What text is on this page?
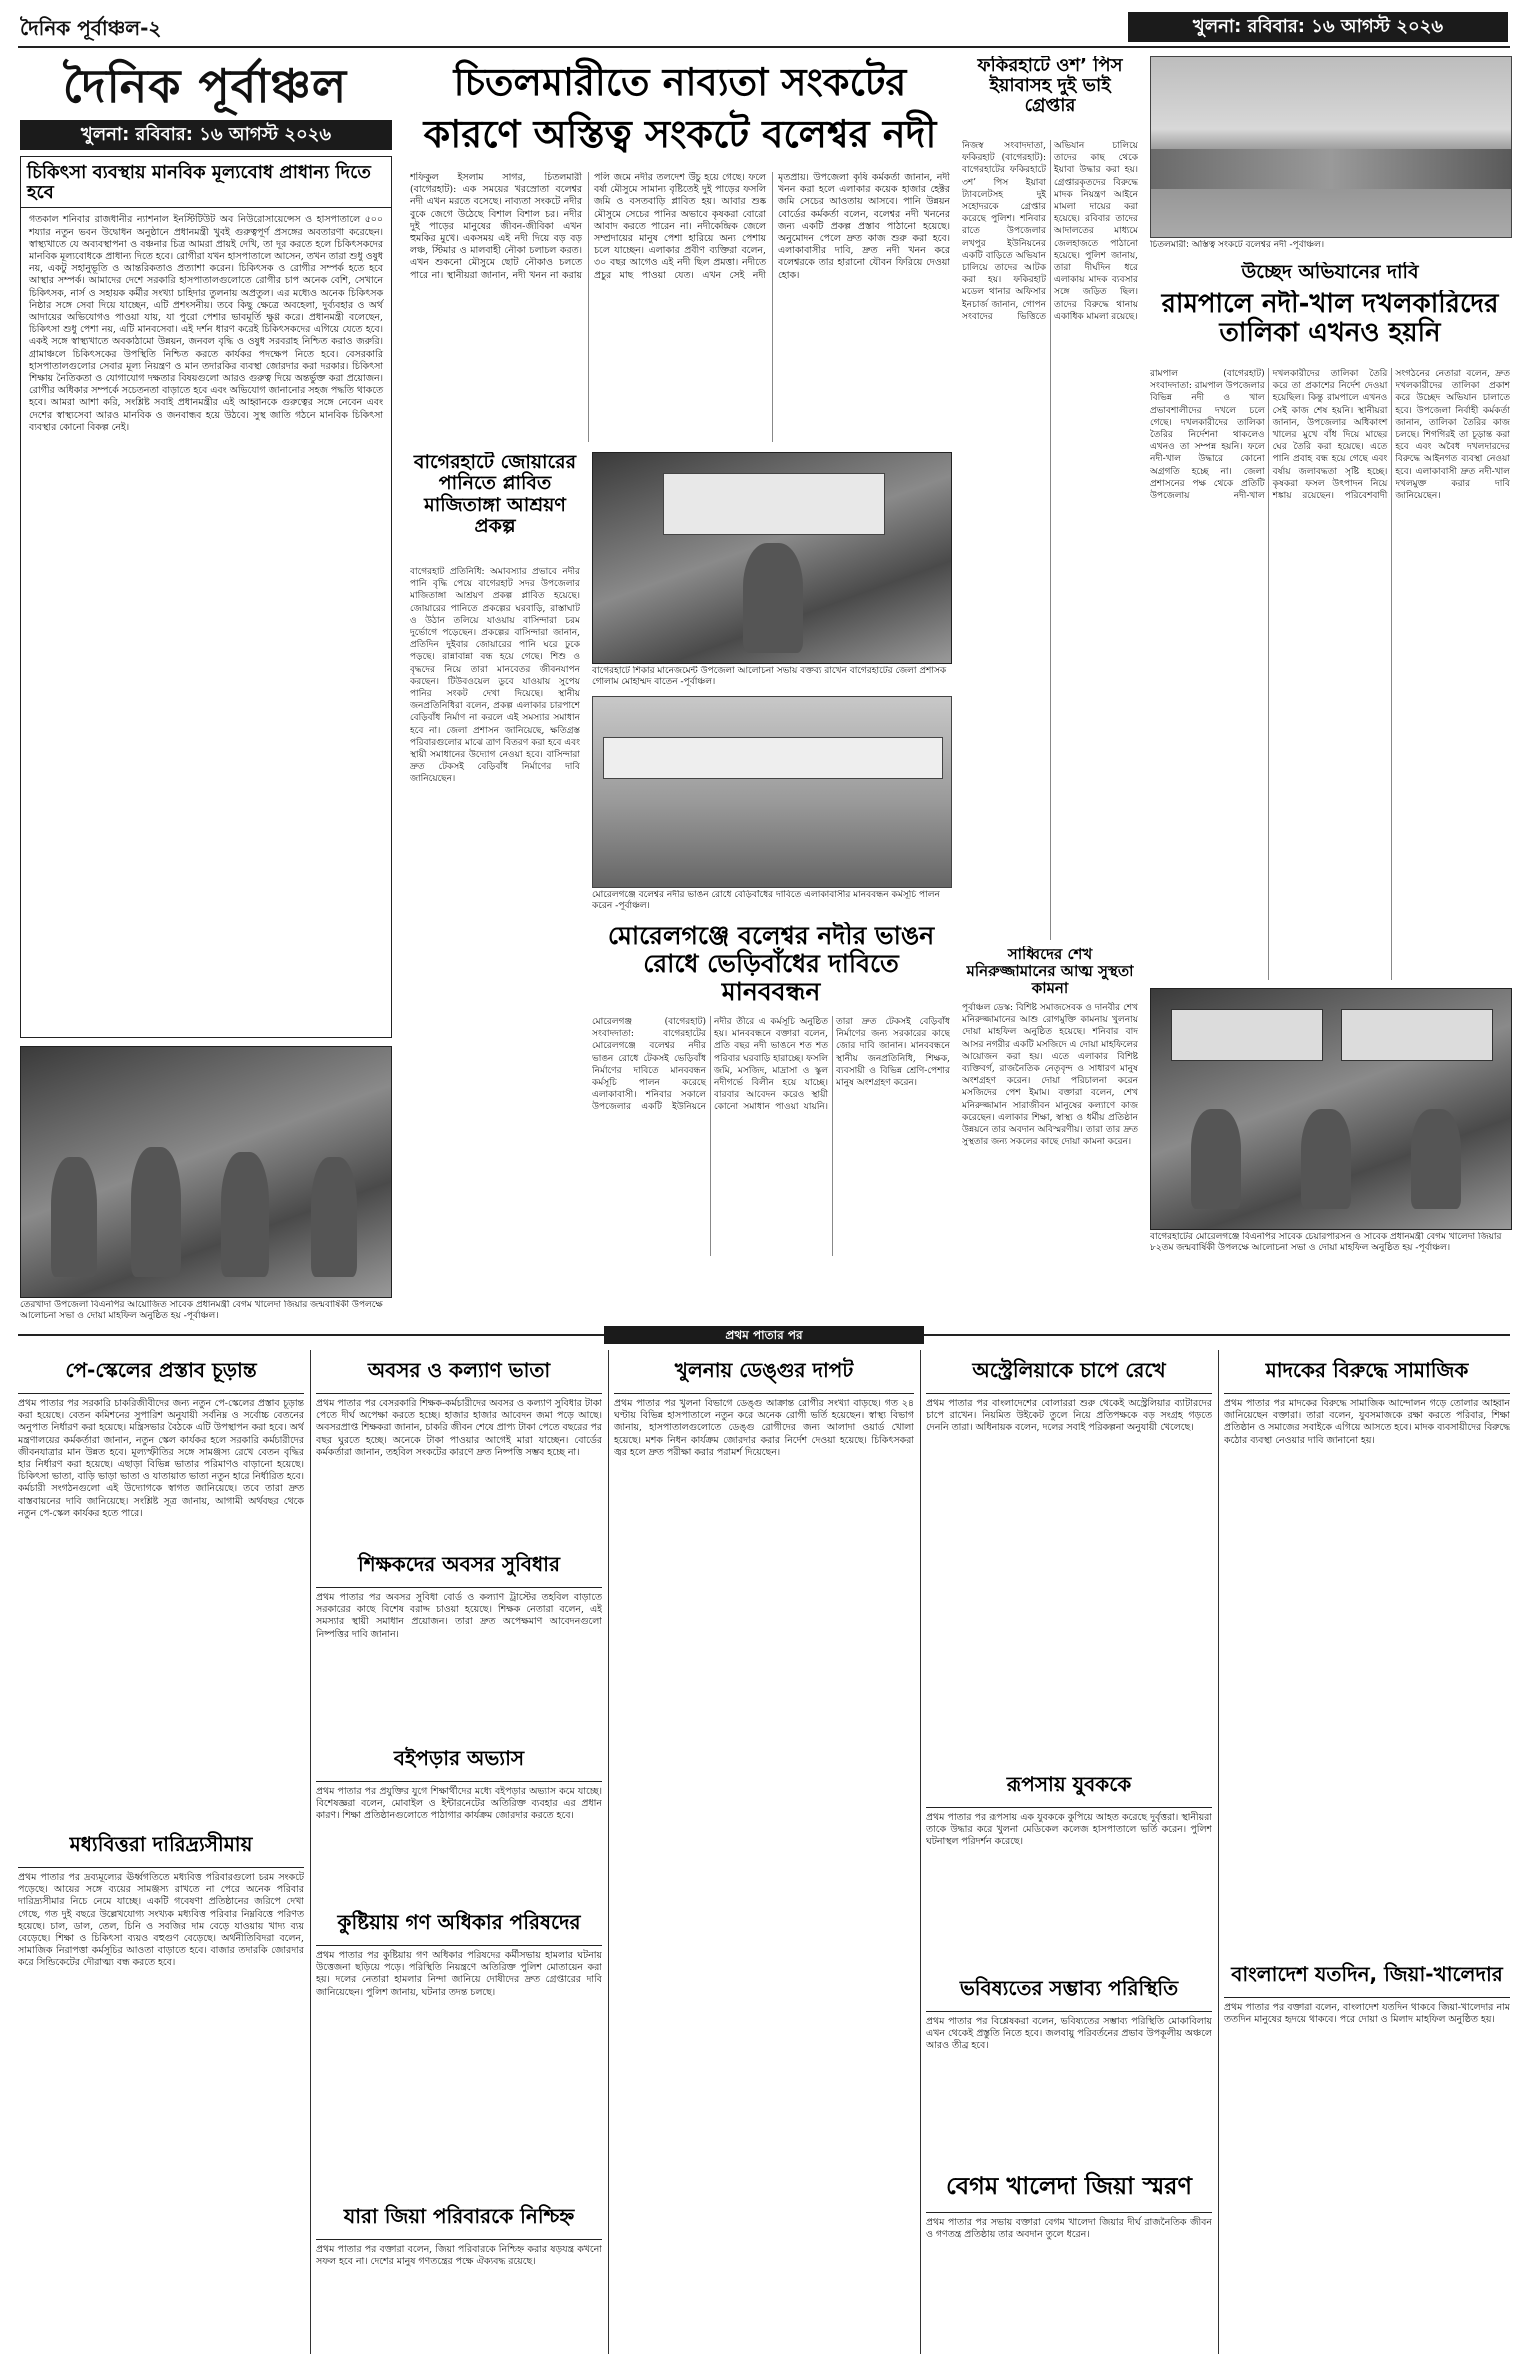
দৈনিক পূর্বাঞ্চল-২	খুলনা: রবিবার: ১৬ আগস্ট ২০২৬
দৈনিক পূর্বাঞ্চল
খুলনা: রবিবার: ১৬ আগস্ট ২০২৬
চিকিৎসা ব্যবস্থায় মানবিক মূল্যবোধ প্রাধান্য দিতে হবে
গতকাল শনিবার রাজধানীর ন্যাশনাল ইনস্টিটিউট অব নিউরোসায়েন্সেস ও হাসপাতালে ৫০০ শয্যার নতুন ভবন উদ্বোধন অনুষ্ঠানে প্রধানমন্ত্রী খুবই গুরুত্বপূর্ণ প্রসঙ্গের অবতারণা করেছেন। স্বাস্থ্যখাতে যে অব্যবস্থাপনা ও বঞ্চনার চিত্র আমরা প্রায়ই দেখি, তা দূর করতে হলে চিকিৎসকদের মানবিক মূল্যবোধকে প্রাধান্য দিতে হবে। রোগীরা যখন হাসপাতালে আসেন, তখন তারা শুধু ওষুধ নয়, একটু সহানুভূতি ও আন্তরিকতাও প্রত্যাশা করেন। চিকিৎসক ও রোগীর সম্পর্ক হতে হবে আস্থার সম্পর্ক। আমাদের দেশে সরকারি হাসপাতালগুলোতে রোগীর চাপ অনেক বেশি, সেখানে চিকিৎসক, নার্স ও সহায়ক কর্মীর সংখ্যা চাহিদার তুলনায় অপ্রতুল। এর মধ্যেও অনেক চিকিৎসক নিষ্ঠার সঙ্গে সেবা দিয়ে যাচ্ছেন, এটি প্রশংসনীয়। তবে কিছু ক্ষেত্রে অবহেলা, দুর্ব্যবহার ও অর্থ আদায়ের অভিযোগও পাওয়া যায়, যা পুরো পেশার ভাবমূর্তি ক্ষুণ্ণ করে। প্রধানমন্ত্রী বলেছেন, চিকিৎসা শুধু পেশা নয়, এটি মানবসেবা। এই দর্শন ধারণ করেই চিকিৎসকদের এগিয়ে যেতে হবে। একই সঙ্গে স্বাস্থ্যখাতে অবকাঠামো উন্নয়ন, জনবল বৃদ্ধি ও ওষুধ সরবরাহ নিশ্চিত করাও জরুরি। গ্রামাঞ্চলে চিকিৎসকের উপস্থিতি নিশ্চিত করতে কার্যকর পদক্ষেপ নিতে হবে। বেসরকারি হাসপাতালগুলোর সেবার মূল্য নিয়ন্ত্রণ ও মান তদারকির ব্যবস্থা জোরদার করা দরকার। চিকিৎসা শিক্ষায় নৈতিকতা ও যোগাযোগ দক্ষতার বিষয়গুলো আরও গুরুত্ব দিয়ে অন্তর্ভুক্ত করা প্রয়োজন। রোগীর অধিকার সম্পর্কে সচেতনতা বাড়াতে হবে এবং অভিযোগ জানানোর সহজ পদ্ধতি থাকতে হবে। আমরা আশা করি, সংশ্লিষ্ট সবাই প্রধানমন্ত্রীর এই আহ্বানকে গুরুত্বের সঙ্গে নেবেন এবং দেশের স্বাস্থ্যসেবা আরও মানবিক ও জনবান্ধব হয়ে উঠবে। সুস্থ জাতি গঠনে মানবিক চিকিৎসা ব্যবস্থার কোনো বিকল্প নেই।
তেরখাদা উপজেলা বিএনপির আয়োজিত সাবেক প্রধানমন্ত্রী বেগম খালেদা জিয়ার জন্মবার্ষিকী উপলক্ষে আলোচনা সভা ও দোয়া মাহফিল অনুষ্ঠিত হয় -পূর্বাঞ্চল।
চিতলমারীতে নাব্যতা সংকটের কারণে অস্তিত্ব সংকটে বলেশ্বর নদী
শফিকুল ইসলাম সাগর, চিতলমারী (বাগেরহাট): এক সময়ের খরস্রোতা বলেশ্বর নদী এখন মরতে বসেছে। নাব্যতা সংকটে নদীর বুকে জেগে উঠেছে বিশাল বিশাল চর। নদীর দুই পাড়ের মানুষের জীবন-জীবিকা এখন হুমকির মুখে। একসময় এই নদী দিয়ে বড় বড় লঞ্চ, স্টিমার ও মালবাহী নৌকা চলাচল করত। এখন শুকনো মৌসুমে ছোট নৌকাও চলতে পারে না। স্থানীয়রা জানান, নদী খনন না করায় পলি জমে নদীর তলদেশ উঁচু হয়ে গেছে। ফলে বর্ষা মৌসুমে সামান্য বৃষ্টিতেই দুই পাড়ের ফসলি জমি ও বসতবাড়ি প্লাবিত হয়। আবার শুষ্ক মৌসুমে সেচের পানির অভাবে কৃষকরা বোরো আবাদ করতে পারেন না। নদীকেন্দ্রিক জেলে সম্প্রদায়ের মানুষ পেশা হারিয়ে অন্য পেশায় চলে যাচ্ছেন। এলাকার প্রবীণ ব্যক্তিরা বলেন, ৩০ বছর আগেও এই নদী ছিল প্রমত্তা। নদীতে প্রচুর মাছ পাওয়া যেত। এখন সেই নদী মৃতপ্রায়। উপজেলা কৃষি কর্মকর্তা জানান, নদী খনন করা হলে এলাকার কয়েক হাজার হেক্টর জমি সেচের আওতায় আসবে। পানি উন্নয়ন বোর্ডের কর্মকর্তা বলেন, বলেশ্বর নদী খননের জন্য একটি প্রকল্প প্রস্তাব পাঠানো হয়েছে। অনুমোদন পেলে দ্রুত কাজ শুরু করা হবে। এলাকাবাসীর দাবি, দ্রুত নদী খনন করে বলেশ্বরকে তার হারানো যৌবন ফিরিয়ে দেওয়া হোক।
ফকিরহাটে ওশ’ পিস ইয়াবাসহ দুই ভাই গ্রেপ্তার
নিজস্ব সংবাদদাতা, ফকিরহাট (বাগেরহাট): বাগেরহাটের ফকিরহাটে ৩শ’ পিস ইয়াবা ট্যাবলেটসহ দুই সহোদরকে গ্রেপ্তার করেছে পুলিশ। শনিবার রাতে উপজেলার লখপুর ইউনিয়নের একটি বাড়িতে অভিযান চালিয়ে তাদের আটক করা হয়। ফকিরহাট মডেল থানার অফিসার ইনচার্জ জানান, গোপন সংবাদের ভিত্তিতে অভিযান চালিয়ে তাদের কাছ থেকে ইয়াবা উদ্ধার করা হয়। গ্রেপ্তারকৃতদের বিরুদ্ধে মাদক নিয়ন্ত্রণ আইনে মামলা দায়ের করা হয়েছে। রবিবার তাদের আদালতের মাধ্যমে জেলহাজতে পাঠানো হয়েছে। পুলিশ জানায়, তারা দীর্ঘদিন ধরে এলাকায় মাদক ব্যবসার সঙ্গে জড়িত ছিল। তাদের বিরুদ্ধে থানায় একাধিক মামলা রয়েছে।
চিতলমারী: অস্তিত্ব সংকটে বলেশ্বর নদী -পূর্বাঞ্চল।
উচ্ছেদ অভিযানের দাবি
রামপালে নদী-খাল দখলকারিদের তালিকা এখনও হয়নি
রামপাল (বাগেরহাট) সংবাদদাতা: রামপাল উপজেলার বিভিন্ন নদী ও খাল প্রভাবশালীদের দখলে চলে গেছে। দখলকারীদের তালিকা তৈরির নির্দেশনা থাকলেও এখনও তা সম্পন্ন হয়নি। ফলে নদী-খাল উদ্ধারে কোনো অগ্রগতি হচ্ছে না। জেলা প্রশাসনের পক্ষ থেকে প্রতিটি উপজেলায় নদী-খাল দখলকারীদের তালিকা তৈরি করে তা প্রকাশের নির্দেশ দেওয়া হয়েছিল। কিন্তু রামপালে এখনও সেই কাজ শেষ হয়নি। স্থানীয়রা জানান, উপজেলার অধিকাংশ খালের মুখে বাঁধ দিয়ে মাছের ঘের তৈরি করা হয়েছে। এতে পানি প্রবাহ বন্ধ হয়ে গেছে এবং বর্ষায় জলাবদ্ধতা সৃষ্টি হচ্ছে। কৃষকরা ফসল উৎপাদন নিয়ে শঙ্কায় রয়েছেন। পরিবেশবাদী সংগঠনের নেতারা বলেন, দ্রুত দখলকারীদের তালিকা প্রকাশ করে উচ্ছেদ অভিযান চালাতে হবে। উপজেলা নির্বাহী কর্মকর্তা জানান, তালিকা তৈরির কাজ চলছে। শিগগিরই তা চূড়ান্ত করা হবে এবং অবৈধ দখলদারদের বিরুদ্ধে আইনগত ব্যবস্থা নেওয়া হবে। এলাকাবাসী দ্রুত নদী-খাল দখলমুক্ত করার দাবি জানিয়েছেন।
বাগেরহাটে জোয়ারের পানিতে প্লাবিত মাজিতাঙ্গা আশ্রয়ণ প্রকল্প
বাগেরহাট প্রতিনিধি: অমাবস্যার প্রভাবে নদীর পানি বৃদ্ধি পেয়ে বাগেরহাট সদর উপজেলার মাজিতাঙ্গা আশ্রয়ণ প্রকল্প প্লাবিত হয়েছে। জোয়ারের পানিতে প্রকল্পের ঘরবাড়ি, রাস্তাঘাট ও উঠান তলিয়ে যাওয়ায় বাসিন্দারা চরম দুর্ভোগে পড়েছেন। প্রকল্পের বাসিন্দারা জানান, প্রতিদিন দুইবার জোয়ারের পানি ঘরে ঢুকে পড়ছে। রান্নাবান্না বন্ধ হয়ে গেছে। শিশু ও বৃদ্ধদের নিয়ে তারা মানবেতর জীবনযাপন করছেন। টিউবওয়েল ডুবে যাওয়ায় সুপেয় পানির সংকট দেখা দিয়েছে। স্থানীয় জনপ্রতিনিধিরা বলেন, প্রকল্প এলাকার চারপাশে বেড়িবাঁধ নির্মাণ না করলে এই সমস্যার সমাধান হবে না। জেলা প্রশাসন জানিয়েছে, ক্ষতিগ্রস্ত পরিবারগুলোর মাঝে ত্রাণ বিতরণ করা হবে এবং স্থায়ী সমাধানের উদ্যোগ নেওয়া হবে। বাসিন্দারা দ্রুত টেকসই বেড়িবাঁধ নির্মাণের দাবি জানিয়েছেন।
বাগেরহাটে শিকার মানেজমেন্ট উপজেলা আলোচনা সভায় বক্তব্য রাখেন বাগেরহাটের জেলা প্রশাসক গোলাম মোহাম্মদ বাতেন -পূর্বাঞ্চল।
মোরেলগঞ্জে বলেশ্বর নদীর ভাঙন রোধে বেড়িবাঁধের দাবিতে এলাকাবাসীর মানববন্ধন কর্মসূচি পালন করেন -পূর্বাঞ্চল।
সাধ্বিদের শেখ মনিরুজ্জামানের আত্ম সুস্থতা কামনা
পূর্বাঞ্চল ডেস্ক: বিশিষ্ট সমাজসেবক ও দানবীর শেখ মনিরুজ্জামানের আশু রোগমুক্তি কামনায় খুলনায় দোয়া মাহফিল অনুষ্ঠিত হয়েছে। শনিবার বাদ আসর নগরীর একটি মসজিদে এ দোয়া মাহফিলের আয়োজন করা হয়। এতে এলাকার বিশিষ্ট ব্যক্তিবর্গ, রাজনৈতিক নেতৃবৃন্দ ও সাধারণ মানুষ অংশগ্রহণ করেন। দোয়া পরিচালনা করেন মসজিদের পেশ ইমাম। বক্তারা বলেন, শেখ মনিরুজ্জামান সারাজীবন মানুষের কল্যাণে কাজ করেছেন। এলাকার শিক্ষা, স্বাস্থ্য ও ধর্মীয় প্রতিষ্ঠান উন্নয়নে তার অবদান অবিস্মরণীয়। তারা তার দ্রুত সুস্থতার জন্য সকলের কাছে দোয়া কামনা করেন।
মোরেলগঞ্জে বলেশ্বর নদীর ভাঙন রোধে ভেড়িবাঁধের দাবিতে মানববন্ধন
মোরেলগঞ্জ (বাগেরহাট) সংবাদদাতা: বাগেরহাটের মোরেলগঞ্জে বলেশ্বর নদীর ভাঙন রোধে টেকসই ভেড়িবাঁধ নির্মাণের দাবিতে মানববন্ধন কর্মসূচি পালন করেছে এলাকাবাসী। শনিবার সকালে উপজেলার একটি ইউনিয়নে নদীর তীরে এ কর্মসূচি অনুষ্ঠিত হয়। মানববন্ধনে বক্তারা বলেন, প্রতি বছর নদী ভাঙনে শত শত পরিবার ঘরবাড়ি হারাচ্ছে। ফসলি জমি, মসজিদ, মাদ্রাসা ও স্কুল নদীগর্ভে বিলীন হয়ে যাচ্ছে। বারবার আবেদন করেও স্থায়ী কোনো সমাধান পাওয়া যায়নি। তারা দ্রুত টেকসই বেড়িবাঁধ নির্মাণের জন্য সরকারের কাছে জোর দাবি জানান। মানববন্ধনে স্থানীয় জনপ্রতিনিধি, শিক্ষক, ব্যবসায়ী ও বিভিন্ন শ্রেণি-পেশার মানুষ অংশগ্রহণ করেন।
বাগেরহাটের মোরেলগঞ্জে বিএনপির সাবেক চেয়ারপারসন ও সাবেক প্রধানমন্ত্রী বেগম খালেদা জিয়ার ৮২তম জন্মবার্ষিকী উপলক্ষে আলোচনা সভা ও দোয়া মাহফিল অনুষ্ঠিত হয় -পূর্বাঞ্চল।
প্রথম পাতার পর
পে-স্কেলের প্রস্তাব চূড়ান্ত
প্রথম পাতার পর সরকারি চাকরিজীবীদের জন্য নতুন পে-স্কেলের প্রস্তাব চূড়ান্ত করা হয়েছে। বেতন কমিশনের সুপারিশ অনুযায়ী সর্বনিম্ন ও সর্বোচ্চ বেতনের অনুপাত নির্ধারণ করা হয়েছে। মন্ত্রিসভার বৈঠকে এটি উপস্থাপন করা হবে। অর্থ মন্ত্রণালয়ের কর্মকর্তারা জানান, নতুন স্কেল কার্যকর হলে সরকারি কর্মচারীদের জীবনযাত্রার মান উন্নত হবে। মূল্যস্ফীতির সঙ্গে সামঞ্জস্য রেখে বেতন বৃদ্ধির হার নির্ধারণ করা হয়েছে। এছাড়া বিভিন্ন ভাতার পরিমাণও বাড়ানো হয়েছে। চিকিৎসা ভাতা, বাড়ি ভাড়া ভাতা ও যাতায়াত ভাতা নতুন হারে নির্ধারিত হবে। কর্মচারী সংগঠনগুলো এই উদ্যোগকে স্বাগত জানিয়েছে। তবে তারা দ্রুত বাস্তবায়নের দাবি জানিয়েছে। সংশ্লিষ্ট সূত্র জানায়, আগামী অর্থবছর থেকে নতুন পে-স্কেল কার্যকর হতে পারে।
মধ্যবিত্তরা দারিদ্র্যসীমায়
প্রথম পাতার পর দ্রব্যমূল্যের ঊর্ধ্বগতিতে মধ্যবিত্ত পরিবারগুলো চরম সংকটে পড়েছে। আয়ের সঙ্গে ব্যয়ের সামঞ্জস্য রাখতে না পেরে অনেক পরিবার দারিদ্র্যসীমার নিচে নেমে যাচ্ছে। একটি গবেষণা প্রতিষ্ঠানের জরিপে দেখা গেছে, গত দুই বছরে উল্লেখযোগ্য সংখ্যক মধ্যবিত্ত পরিবার নিম্নবিত্তে পরিণত হয়েছে। চাল, ডাল, তেল, চিনি ও সবজির দাম বেড়ে যাওয়ায় খাদ্য ব্যয় বেড়েছে। শিক্ষা ও চিকিৎসা ব্যয়ও বহুগুণ বেড়েছে। অর্থনীতিবিদরা বলেন, সামাজিক নিরাপত্তা কর্মসূচির আওতা বাড়াতে হবে। বাজার তদারকি জোরদার করে সিন্ডিকেটের দৌরাত্ম্য বন্ধ করতে হবে।
অবসর ও কল্যাণ ভাতা
প্রথম পাতার পর বেসরকারি শিক্ষক-কর্মচারীদের অবসর ও কল্যাণ সুবিধার টাকা পেতে দীর্ঘ অপেক্ষা করতে হচ্ছে। হাজার হাজার আবেদন জমা পড়ে আছে। অবসরপ্রাপ্ত শিক্ষকরা জানান, চাকরি জীবন শেষে প্রাপ্য টাকা পেতে বছরের পর বছর ঘুরতে হচ্ছে। অনেকে টাকা পাওয়ার আগেই মারা যাচ্ছেন। বোর্ডের কর্মকর্তারা জানান, তহবিল সংকটের কারণে দ্রুত নিষ্পত্তি সম্ভব হচ্ছে না।
শিক্ষকদের অবসর সুবিধার
প্রথম পাতার পর অবসর সুবিধা বোর্ড ও কল্যাণ ট্রাস্টের তহবিল বাড়াতে সরকারের কাছে বিশেষ বরাদ্দ চাওয়া হয়েছে। শিক্ষক নেতারা বলেন, এই সমস্যার স্থায়ী সমাধান প্রয়োজন। তারা দ্রুত অপেক্ষমাণ আবেদনগুলো নিষ্পত্তির দাবি জানান।
বইপড়ার অভ্যাস
প্রথম পাতার পর প্রযুক্তির যুগে শিক্ষার্থীদের মধ্যে বইপড়ার অভ্যাস কমে যাচ্ছে। বিশেষজ্ঞরা বলেন, মোবাইল ও ইন্টারনেটের অতিরিক্ত ব্যবহার এর প্রধান কারণ। শিক্ষা প্রতিষ্ঠানগুলোতে পাঠাগার কার্যক্রম জোরদার করতে হবে।
কুষ্টিয়ায় গণ অধিকার পরিষদের
প্রথম পাতার পর কুষ্টিয়ায় গণ অধিকার পরিষদের কর্মীসভায় হামলার ঘটনায় উত্তেজনা ছড়িয়ে পড়ে। পরিস্থিতি নিয়ন্ত্রণে অতিরিক্ত পুলিশ মোতায়েন করা হয়। দলের নেতারা হামলার নিন্দা জানিয়ে দোষীদের দ্রুত গ্রেপ্তারের দাবি জানিয়েছেন। পুলিশ জানায়, ঘটনার তদন্ত চলছে।
যারা জিয়া পরিবারকে নিশ্চিহ্ন
প্রথম পাতার পর বক্তারা বলেন, জিয়া পরিবারকে নিশ্চিহ্ন করার ষড়যন্ত্র কখনো সফল হবে না। দেশের মানুষ গণতন্ত্রের পক্ষে ঐক্যবদ্ধ রয়েছে।
খুলনায় ডেঙ্গুর দাপট
প্রথম পাতার পর খুলনা বিভাগে ডেঙ্গু আক্রান্ত রোগীর সংখ্যা বাড়ছে। গত ২৪ ঘণ্টায় বিভিন্ন হাসপাতালে নতুন করে অনেক রোগী ভর্তি হয়েছেন। স্বাস্থ্য বিভাগ জানায়, হাসপাতালগুলোতে ডেঙ্গু রোগীদের জন্য আলাদা ওয়ার্ড খোলা হয়েছে। মশক নিধন কার্যক্রম জোরদার করার নির্দেশ দেওয়া হয়েছে। চিকিৎসকরা জ্বর হলে দ্রুত পরীক্ষা করার পরামর্শ দিয়েছেন।
অস্ট্রেলিয়াকে চাপে রেখে
প্রথম পাতার পর বাংলাদেশের বোলাররা শুরু থেকেই অস্ট্রেলিয়ার ব্যাটারদের চাপে রাখেন। নিয়মিত উইকেট তুলে নিয়ে প্রতিপক্ষকে বড় সংগ্রহ গড়তে দেননি তারা। অধিনায়ক বলেন, দলের সবাই পরিকল্পনা অনুযায়ী খেলেছে।
রূপসায় যুবককে
প্রথম পাতার পর রূপসায় এক যুবককে কুপিয়ে আহত করেছে দুর্বৃত্তরা। স্থানীয়রা তাকে উদ্ধার করে খুলনা মেডিকেল কলেজ হাসপাতালে ভর্তি করেন। পুলিশ ঘটনাস্থল পরিদর্শন করেছে।
ভবিষ্যতের সম্ভাব্য পরিস্থিতি
প্রথম পাতার পর বিশ্লেষকরা বলেন, ভবিষ্যতের সম্ভাব্য পরিস্থিতি মোকাবিলায় এখন থেকেই প্রস্তুতি নিতে হবে। জলবায়ু পরিবর্তনের প্রভাব উপকূলীয় অঞ্চলে আরও তীব্র হবে।
বেগম খালেদা জিয়া স্মরণ
প্রথম পাতার পর সভায় বক্তারা বেগম খালেদা জিয়ার দীর্ঘ রাজনৈতিক জীবন ও গণতন্ত্র প্রতিষ্ঠায় তার অবদান তুলে ধরেন।
মাদকের বিরুদ্ধে সামাজিক
প্রথম পাতার পর মাদকের বিরুদ্ধে সামাজিক আন্দোলন গড়ে তোলার আহ্বান জানিয়েছেন বক্তারা। তারা বলেন, যুবসমাজকে রক্ষা করতে পরিবার, শিক্ষা প্রতিষ্ঠান ও সমাজের সবাইকে এগিয়ে আসতে হবে। মাদক ব্যবসায়ীদের বিরুদ্ধে কঠোর ব্যবস্থা নেওয়ার দাবি জানানো হয়।
বাংলাদেশ যতদিন, জিয়া-খালেদার
প্রথম পাতার পর বক্তারা বলেন, বাংলাদেশ যতদিন থাকবে জিয়া-খালেদার নাম ততদিন মানুষের হৃদয়ে থাকবে। পরে দোয়া ও মিলাদ মাহফিল অনুষ্ঠিত হয়।
